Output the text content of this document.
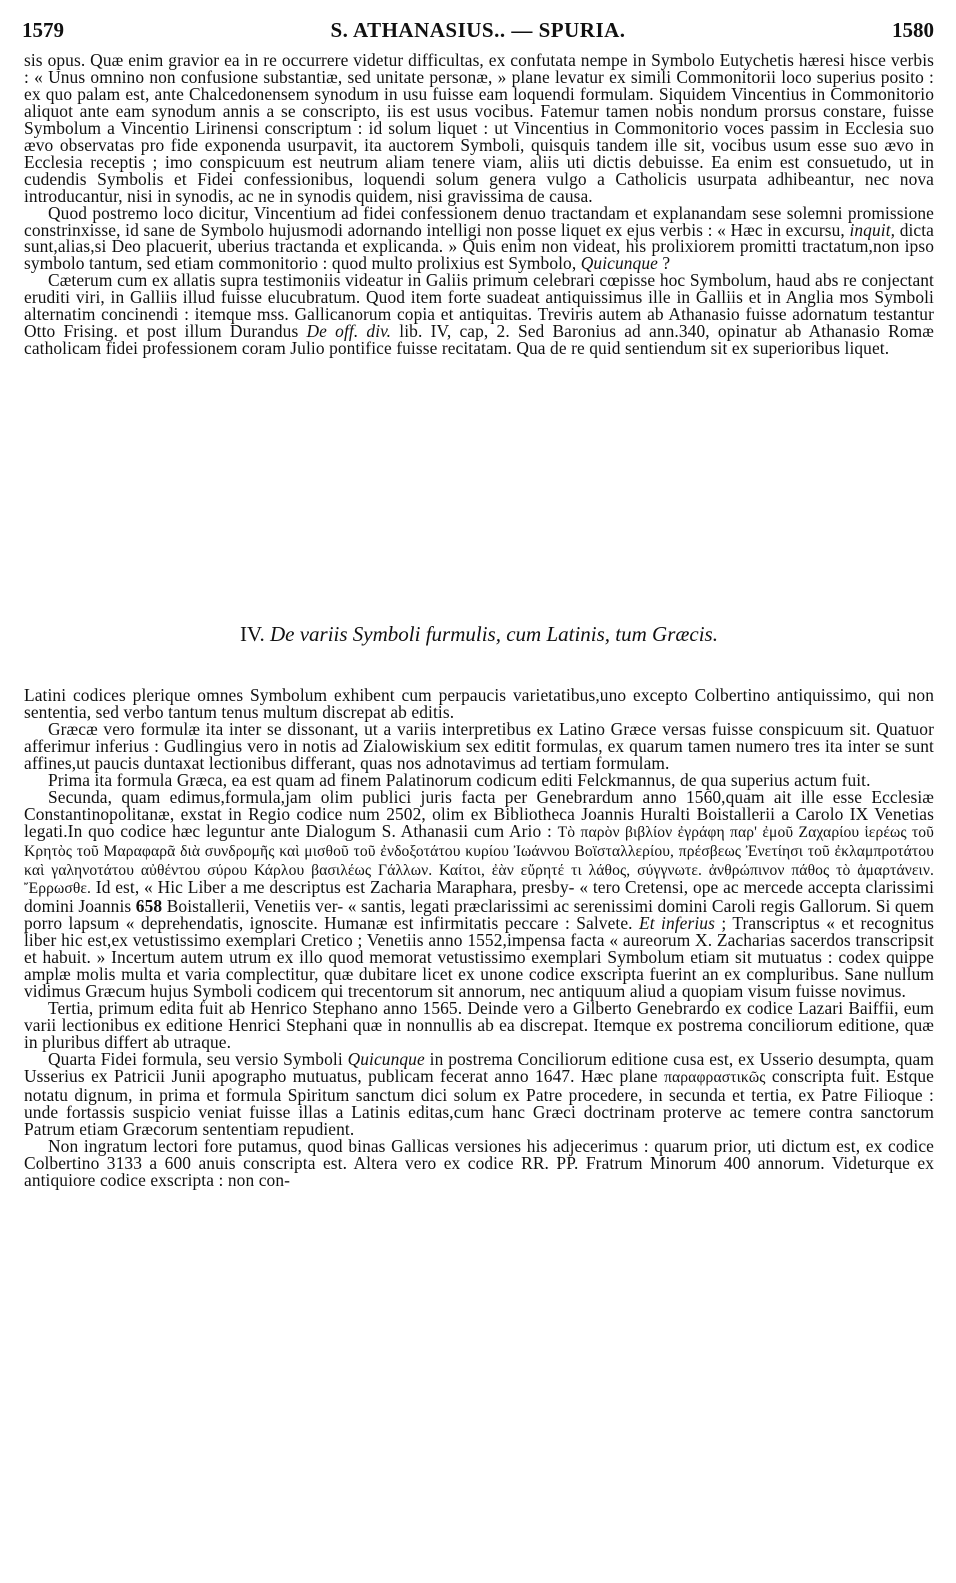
1579	S. ATHANASIUS.. — SPURIA.	1580

sis opus. Quæ enim gravior ea in re occurrere videtur difficultas, ex confutata nempe in Symbolo Eutychetis hæresi hisce verbis : « Unus omnino non confusione substantiæ, sed unitate personæ, » plane levatur ex simili Commonitorii loco superius posito : ex quo palam est, ante Chalcedonensem synodum in usu fuisse eam loquendi formulam. Siquidem Vincentius in Commonitorio aliquot ante eam synodum annis a se conscripto, iis est usus vocibus. Fatemur tamen nobis nondum prorsus constare, fuisse Symbolum a Vincentio Lirinensi conscriptum : id solum liquet : ut Vincentius in Commonitorio voces passim in Ecclesia suo ævo observatas pro fide exponenda usurpavit, ita auctorem Symboli, quisquis tandem ille sit, vocibus usum esse suo ævo in Ecclesia receptis ; imo conspicuum est neutrum aliam tenere viam, aliis uti dictis debuisse. Ea enim est consuetudo, ut in cudendis Symbolis et Fidei confessionibus, loquendi solum genera vulgo a Catholicis usurpata adhibeantur, nec nova introducantur, nisi in synodis, ac ne in synodis quidem, nisi gravissima de causa.

Quod postremo loco dicitur, Vincentium ad fidei confessionem denuo tractandam et explanandam sese solemni promissione constrinxisse, id sane de Symbolo hujusmodi adornando intelligi non posse liquet ex ejus verbis : « Hæc in excursu, inquit, dicta sunt,alias,si Deo placuerit, uberius tractanda et explicanda. » Quis enim non videat, his prolixiorem promitti tractatum,non ipso symbolo tantum, sed etiam commonitorio : quod multo prolixius est Symbolo, Quicunque ?

Cæterum cum ex allatis supra testimoniis videatur in Galiis primum celebrari cœpisse hoc Symbolum, haud abs re conjectant eruditi viri, in Galliis illud fuisse elucubratum. Quod item forte suadeat antiquissimus ille in Galliis et in Anglia mos Symboli alternatim concinendi : itemque mss. Gallicanorum copia et antiquitas. Treviris autem ab Athanasio fuisse adornatum testantur Otto Frising. et post illum Durandus De off. div. lib. IV, cap, 2. Sed Baronius ad ann.340, opinatur ab Athanasio Romæ catholicam fidei professionem coram Julio pontifice fuisse recitatam. Qua de re quid sentiendum sit ex superioribus liquet.

IV. De variis Symboli furmulis, cum Latinis, tum Græcis.

Latini codices plerique omnes Symbolum exhibent cum perpaucis varietatibus,uno excepto Colbertino antiquissimo, qui non sententia, sed verbo tantum tenus multum discrepat ab editis.

Græcæ vero formulæ ita inter se dissonant, ut a variis interpretibus ex Latino Græce versas fuisse conspicuum sit. Quatuor afferimur inferius : Gudlingius vero in notis ad Zialowiskium sex editit formulas, ex quarum tamen numero tres ita inter se sunt affines,ut paucis duntaxat lectionibus differant, quas nos adnotavimus ad tertiam formulam.

Prima ita formula Græca, ea est quam ad finem Palatinorum codicum editi Felckmannus, de qua superius actum fuit.

Secunda, quam edimus,formula,jam olim publici juris facta per Genebrardum anno 1560,quam ait ille esse Ecclesiæ Constantinopolitanæ, exstat in Regio codice num 2502, olim ex Bibliotheca Joannis Huralti Boistallerii a Carolo IX Venetias legati.In quo codice hæc leguntur ante Dialogum S. Athanasii cum Ario : Τὸ παρὸν βιβλίον ἐγράφη παρ' ἐμοῦ Ζαχαρίου ἱερέως τοῦ Κρητὸς τοῦ Μαραφαρᾶ διὰ συνδρομῆς καὶ μισθοῦ τοῦ ἐνδοξοτάτου κυρίου Ἰωάννου Βοϊσταλλερίου, πρέσβεως Ἐνετίησι τοῦ ἐκλαμπροτάτου καὶ γαληνοτάτου αὐθέντου σύρου Κάρλου βασιλέως Γάλλων. Καίτοι, ἐὰν εὔρητέ τι λάθος, σύγγνωτε. ἀνθρώπινον πάθος τὸ ἁμαρτάνειν. Ἔρρωσθε. Id est, « Hic Liber a me descriptus est Zacharia Maraphara, presby- « tero Cretensi, ope ac mercede accepta clarissimi domini Joannis 658 Boistallerii, Venetiis ver- « santis, legati præclarissimi ac serenissimi domini Caroli regis Gallorum. Si quem porro lapsum « deprehendatis, ignoscite. Humanæ est infirmitatis peccare : Salvete. Et inferius ; Transcriptus « et recognitus liber hic est,ex vetustissimo exemplari Cretico ; Venetiis anno 1552,impensa facta « aureorum X. Zacharias sacerdos transcripsit et habuit. » Incertum autem utrum ex illo quod memorat vetustissimo exemplari Symbolum etiam sit mutuatus : codex quippe amplæ molis multa et varia complectitur, quæ dubitare licet ex unone codice exscripta fuerint an ex compluribus. Sane nullum vidimus Græcum hujus Symboli codicem qui trecentorum sit annorum, nec antiquum aliud a quopiam visum fuisse novimus.

Tertia, primum edita fuit ab Henrico Stephano anno 1565. Deinde vero a Gilberto Genebrardo ex codice Lazari Baiffii, eum varii lectionibus ex editione Henrici Stephani quæ in nonnullis ab ea discrepat. Itemque ex postrema conciliorum editione, quæ in pluribus differt ab utraque.

Quarta Fidei formula, seu versio Symboli Quicunque in postrema Conciliorum editione cusa est, ex Usserio desumpta, quam Usserius ex Patricii Junii apographo mutuatus, publicam fecerat anno 1647. Hæc plane παραφραστικῶς conscripta fuit. Estque notatu dignum, in prima et formula Spiritum sanctum dici solum ex Patre procedere, in secunda et tertia, ex Patre Filioque : unde fortassis suspicio veniat fuisse illas a Latinis editas,cum hanc Græci doctrinam proterve ac temere contra sanctorum Patrum etiam Græcorum sententiam repudient.

Non ingratum lectori fore putamus, quod binas Gallicas versiones his adjecerimus : quarum prior, uti dictum est, ex codice Colbertino 3133 a 600 anuis conscripta est. Altera vero ex codice RR. PP. Fratrum Minorum 400 annorum. Videturque ex antiquiore codice exscripta : non con-
